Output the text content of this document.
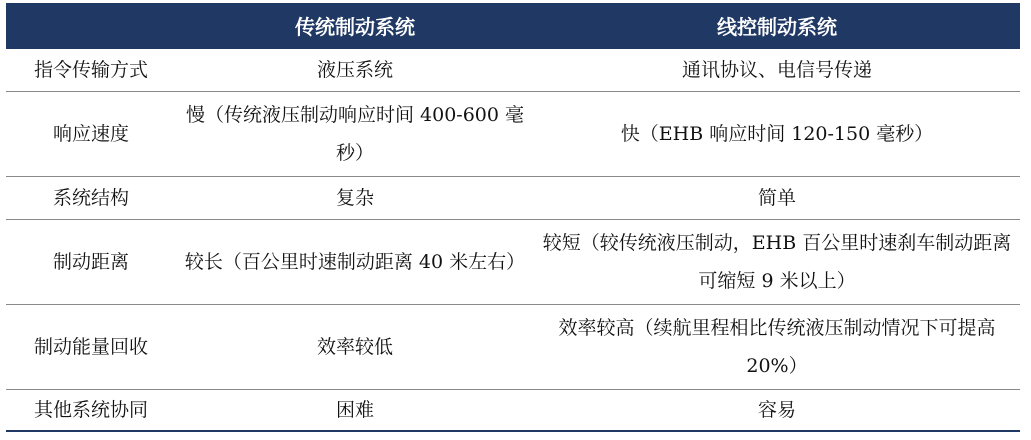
	传统制动系统	线控制动系统
指令传输方式	液压系统	通讯协议、电信号传递
响应速度	慢（传统液压制动响应时间 400-600 毫秒）	快（EHB 响应时间 120-150 毫秒）
系统结构	复杂	简单
制动距离	较长（百公里时速制动距离 40 米左右）	较短（较传统液压制动，EHB 百公里时速刹车制动距离可缩短 9 米以上）
制动能量回收	效率较低	效率较高（续航里程相比传统液压制动情况下可提高 20%）
其他系统协同	困难	容易
